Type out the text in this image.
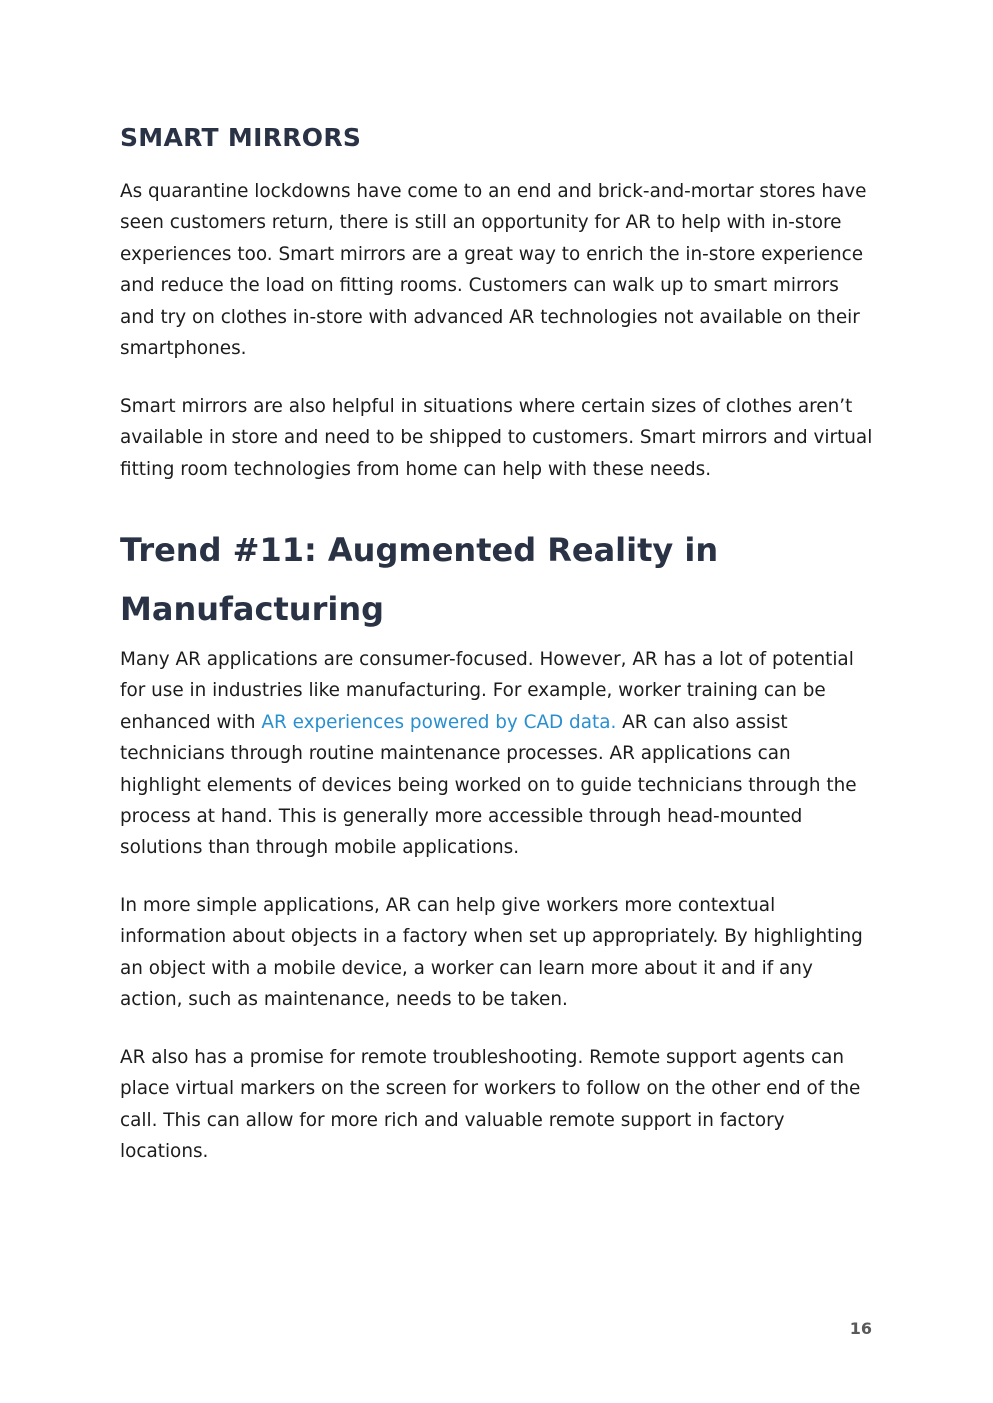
SMART MIRRORS

As quarantine lockdowns have come to an end and brick-and-mortar stores have seen customers return, there is still an opportunity for AR to help with in-store experiences too. Smart mirrors are a great way to enrich the in-store experience and reduce the load on fitting rooms. Customers can walk up to smart mirrors and try on clothes in-store with advanced AR technologies not available on their smartphones.

Smart mirrors are also helpful in situations where certain sizes of clothes aren’t available in store and need to be shipped to customers. Smart mirrors and virtual fitting room technologies from home can help with these needs.

Trend #11: Augmented Reality in Manufacturing

Many AR applications are consumer-focused. However, AR has a lot of potential for use in industries like manufacturing. For example, worker training can be enhanced with AR experiences powered by CAD data. AR can also assist technicians through routine maintenance processes. AR applications can highlight elements of devices being worked on to guide technicians through the process at hand. This is generally more accessible through head-mounted solutions than through mobile applications.

In more simple applications, AR can help give workers more contextual information about objects in a factory when set up appropriately. By highlighting an object with a mobile device, a worker can learn more about it and if any action, such as maintenance, needs to be taken.

AR also has a promise for remote troubleshooting. Remote support agents can place virtual markers on the screen for workers to follow on the other end of the call. This can allow for more rich and valuable remote support in factory locations.

16
